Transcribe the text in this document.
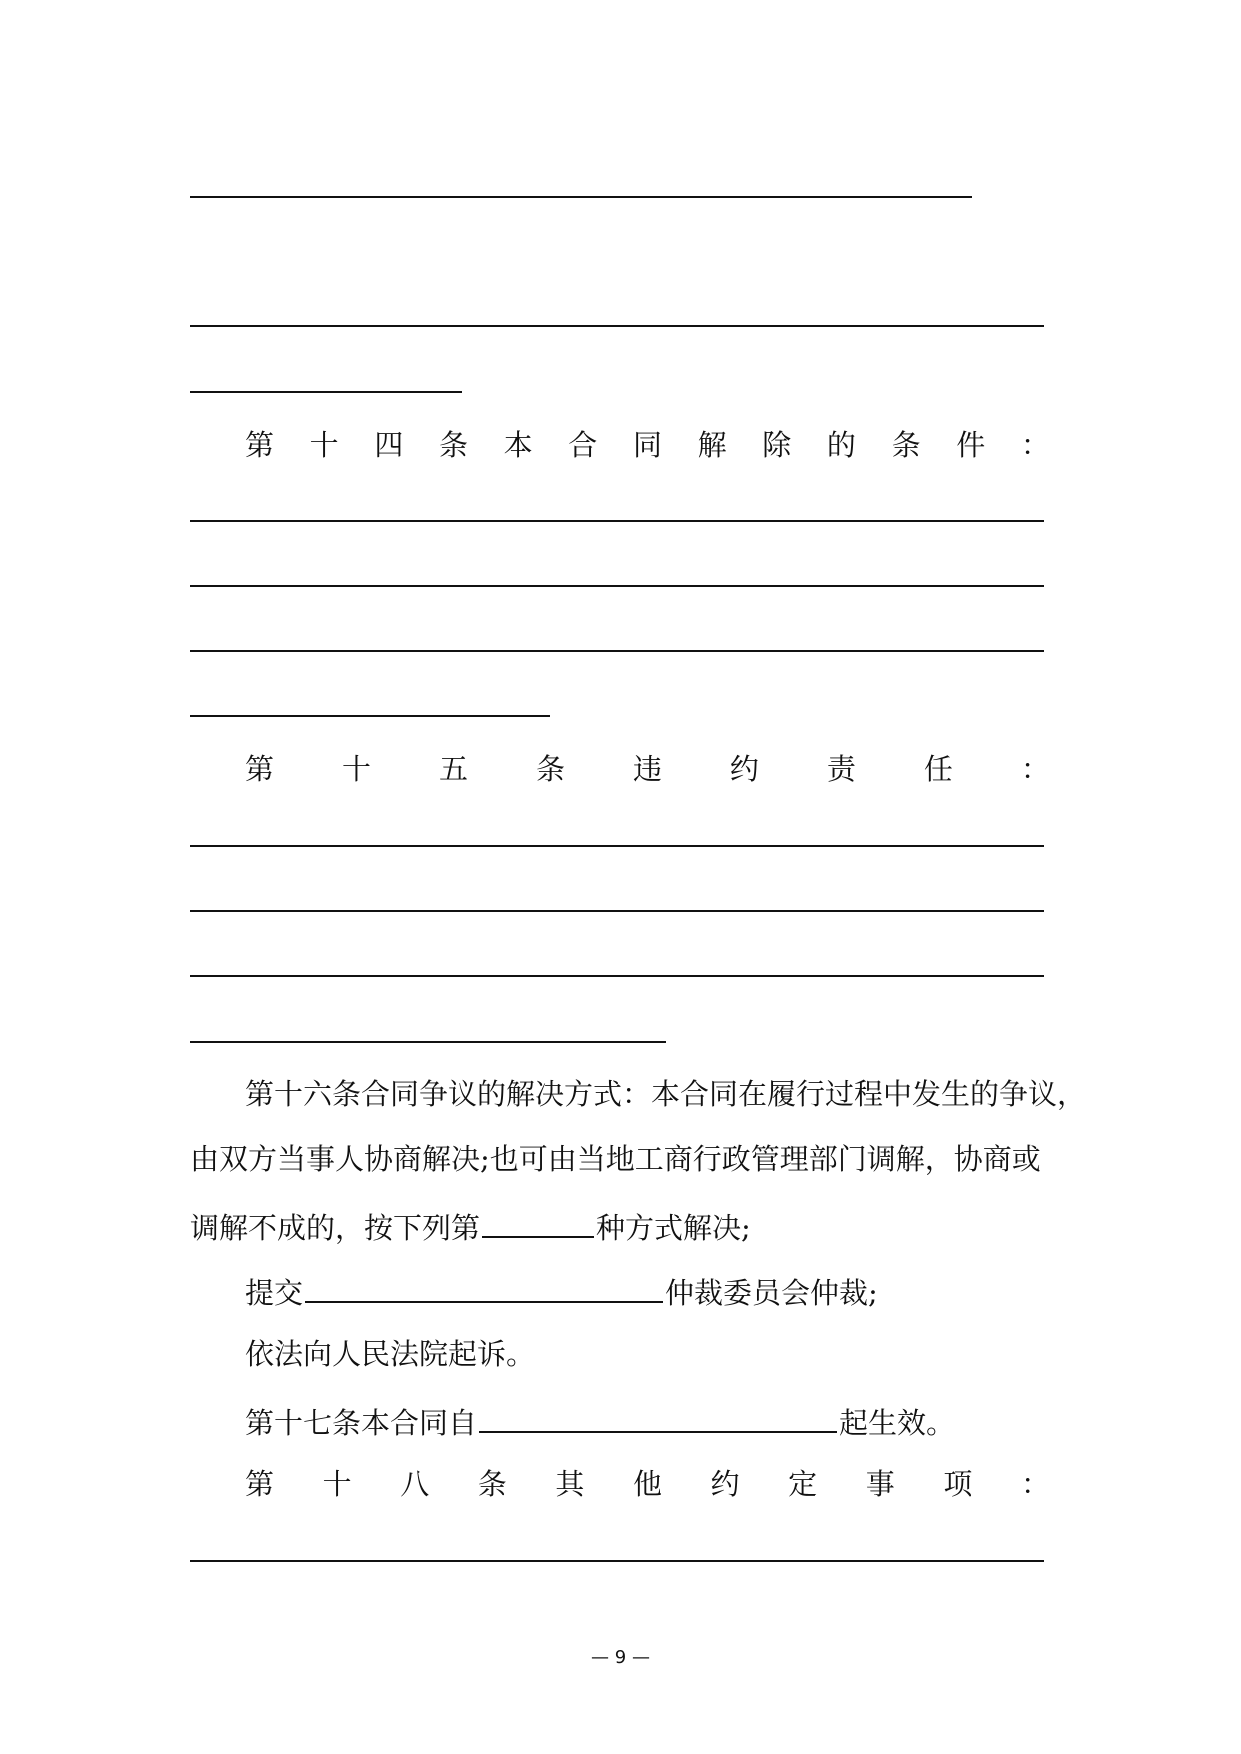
第 十 四 条 本 合 同 解 除 的 条 件 ：
第 十 五 条 违 约 责 任 ：
第十六条合同争议的解决方式：本合同在履行过程中发生的争议，
由双方当事人协商解决;也可由当地工商行政管理部门调解，协商或
调解不成的，按下列第	种方式解决;
提交	仲裁委员会仲裁;
依法向人民法院起诉。
第十七条本合同自	起生效。
第 十 八 条 其 他 约 定 事 项 ：
— 9 —
